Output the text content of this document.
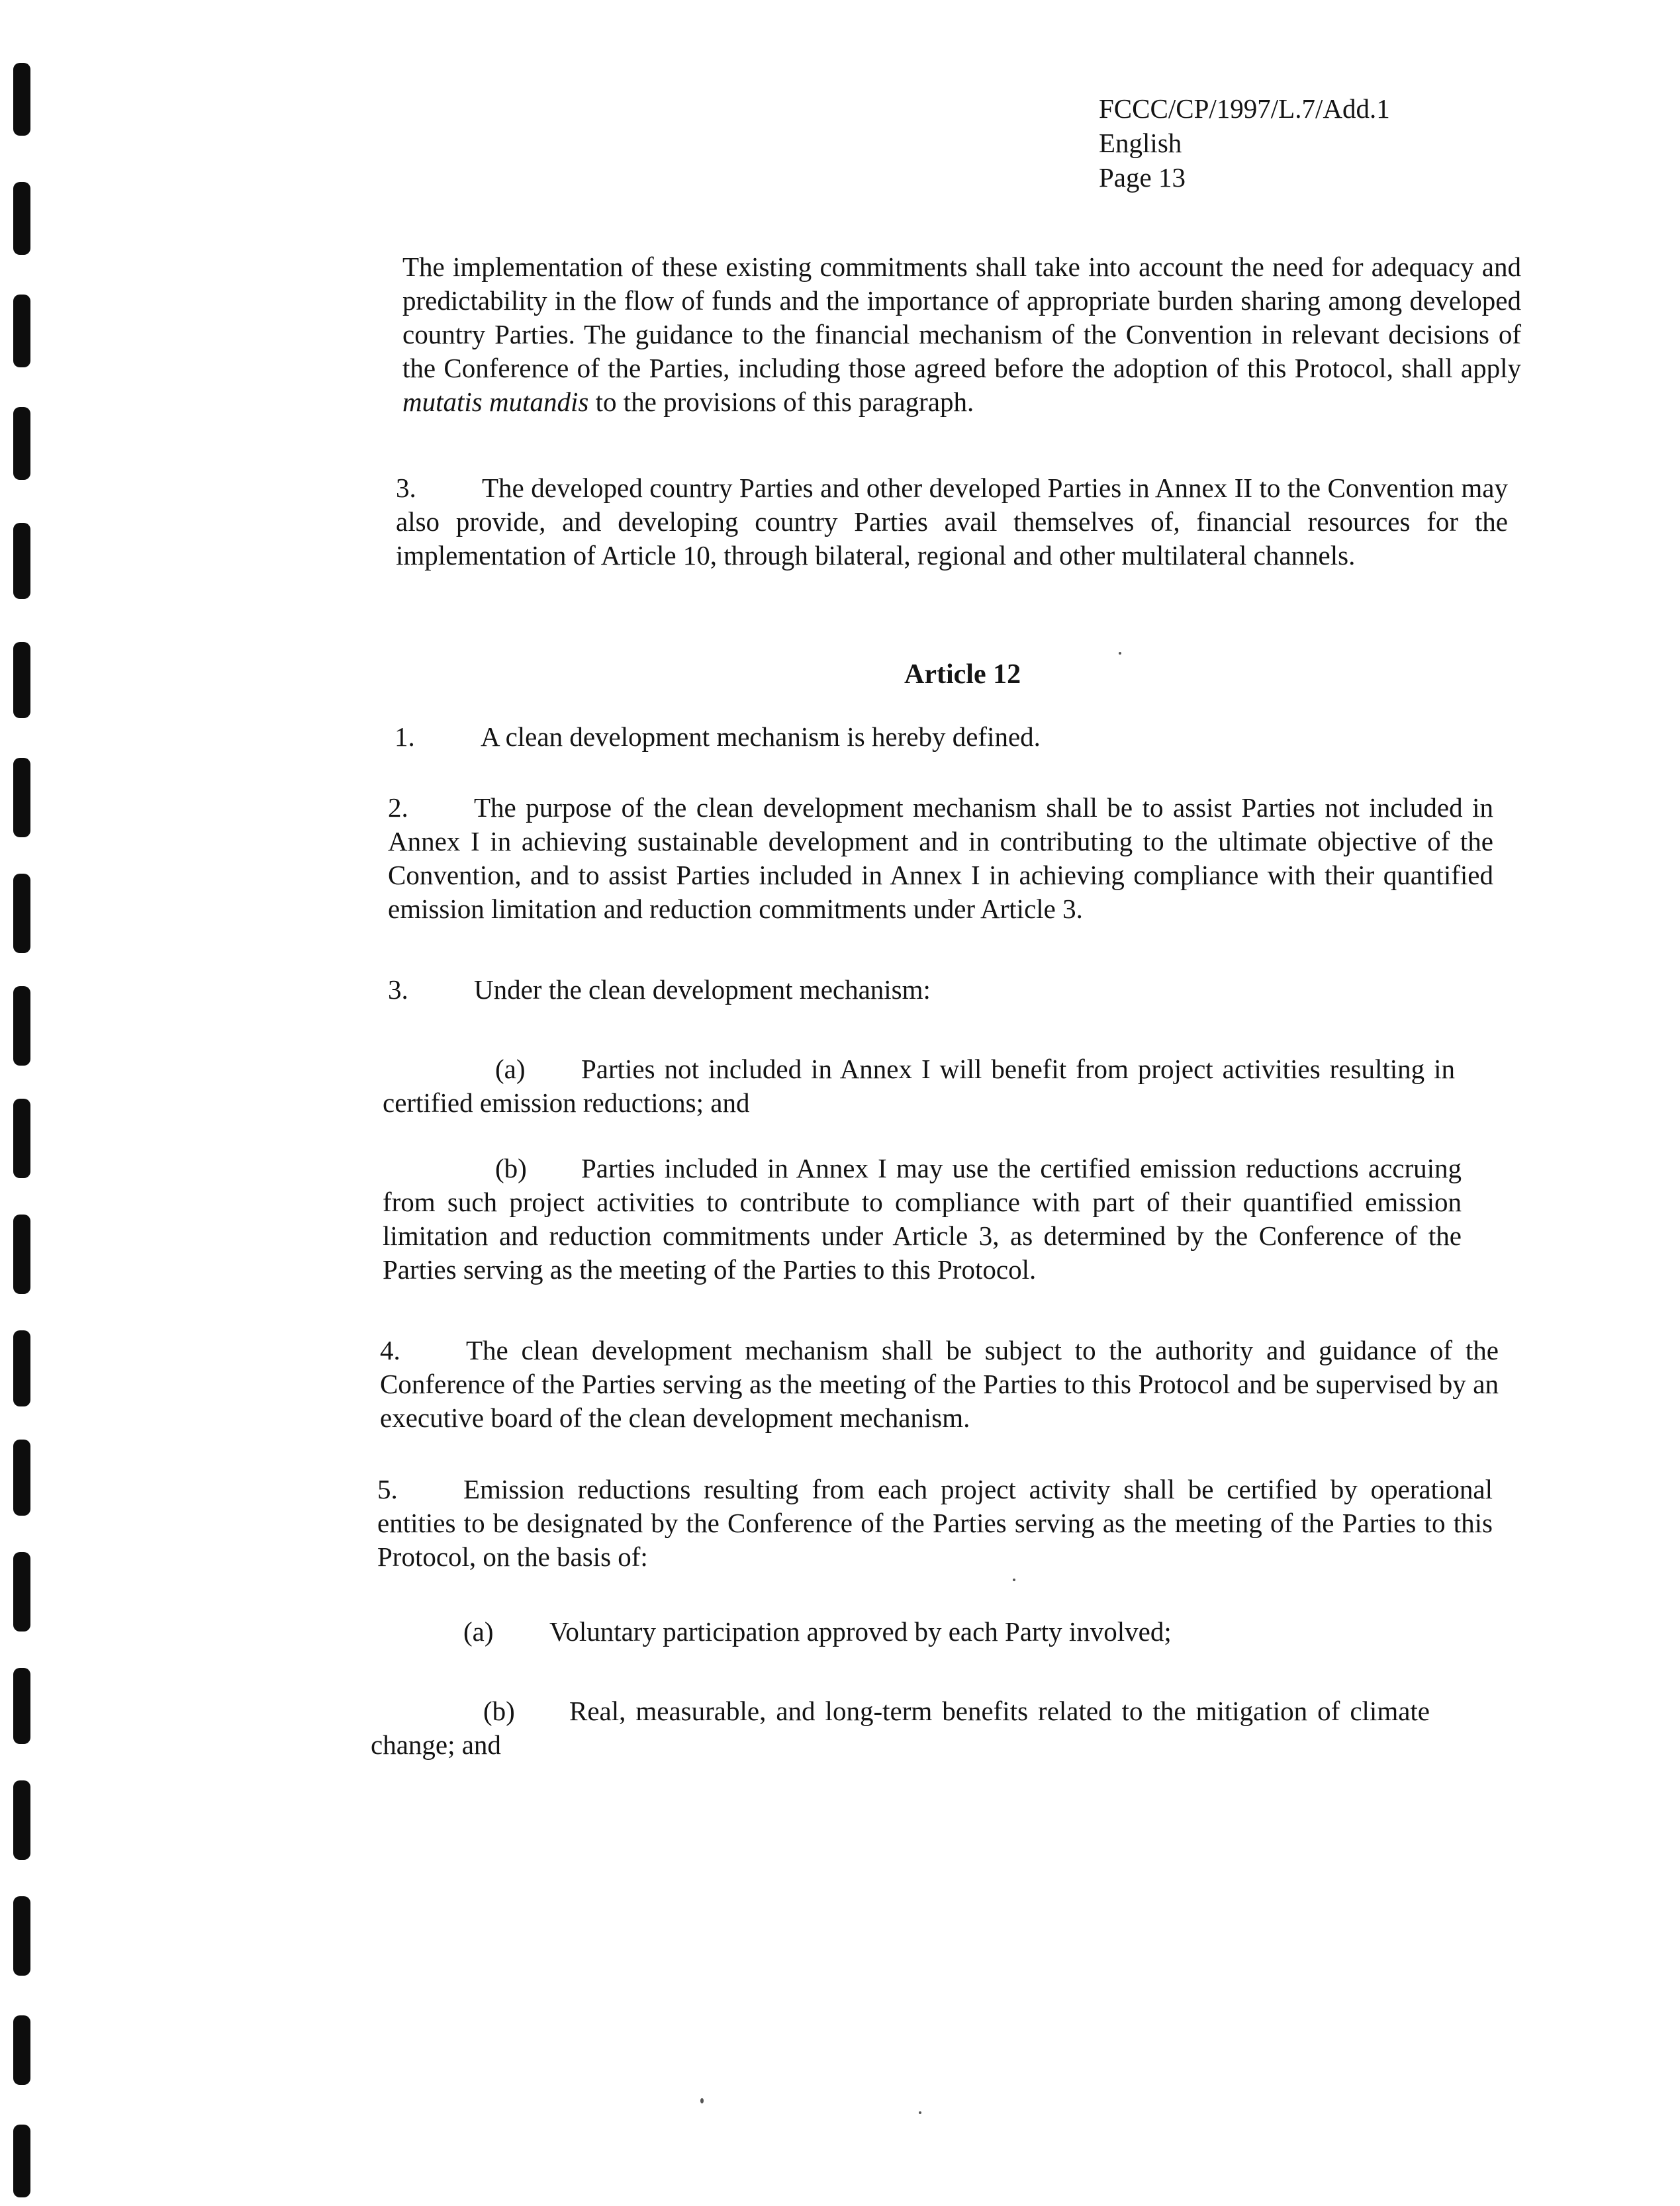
FCCC/CP/1997/L.7/Add.1
English
Page 13

The implementation of these existing commitments shall take into account the need for adequacy and predictability in the flow of funds and the importance of appropriate burden sharing among developed country Parties. The guidance to the financial mechanism of the Convention in relevant decisions of the Conference of the Parties, including those agreed before the adoption of this Protocol, shall apply mutatis mutandis to the provisions of this paragraph.

3. The developed country Parties and other developed Parties in Annex II to the Convention may also provide, and developing country Parties avail themselves of, financial resources for the implementation of Article 10, through bilateral, regional and other multilateral channels.

Article 12

1. A clean development mechanism is hereby defined.

2. The purpose of the clean development mechanism shall be to assist Parties not included in Annex I in achieving sustainable development and in contributing to the ultimate objective of the Convention, and to assist Parties included in Annex I in achieving compliance with their quantified emission limitation and reduction commitments under Article 3.

3. Under the clean development mechanism:

(a) Parties not included in Annex I will benefit from project activities resulting in certified emission reductions; and

(b) Parties included in Annex I may use the certified emission reductions accruing from such project activities to contribute to compliance with part of their quantified emission limitation and reduction commitments under Article 3, as determined by the Conference of the Parties serving as the meeting of the Parties to this Protocol.

4. The clean development mechanism shall be subject to the authority and guidance of the Conference of the Parties serving as the meeting of the Parties to this Protocol and be supervised by an executive board of the clean development mechanism.

5. Emission reductions resulting from each project activity shall be certified by operational entities to be designated by the Conference of the Parties serving as the meeting of the Parties to this Protocol, on the basis of:

(a) Voluntary participation approved by each Party involved;

(b) Real, measurable, and long-term benefits related to the mitigation of climate change; and
